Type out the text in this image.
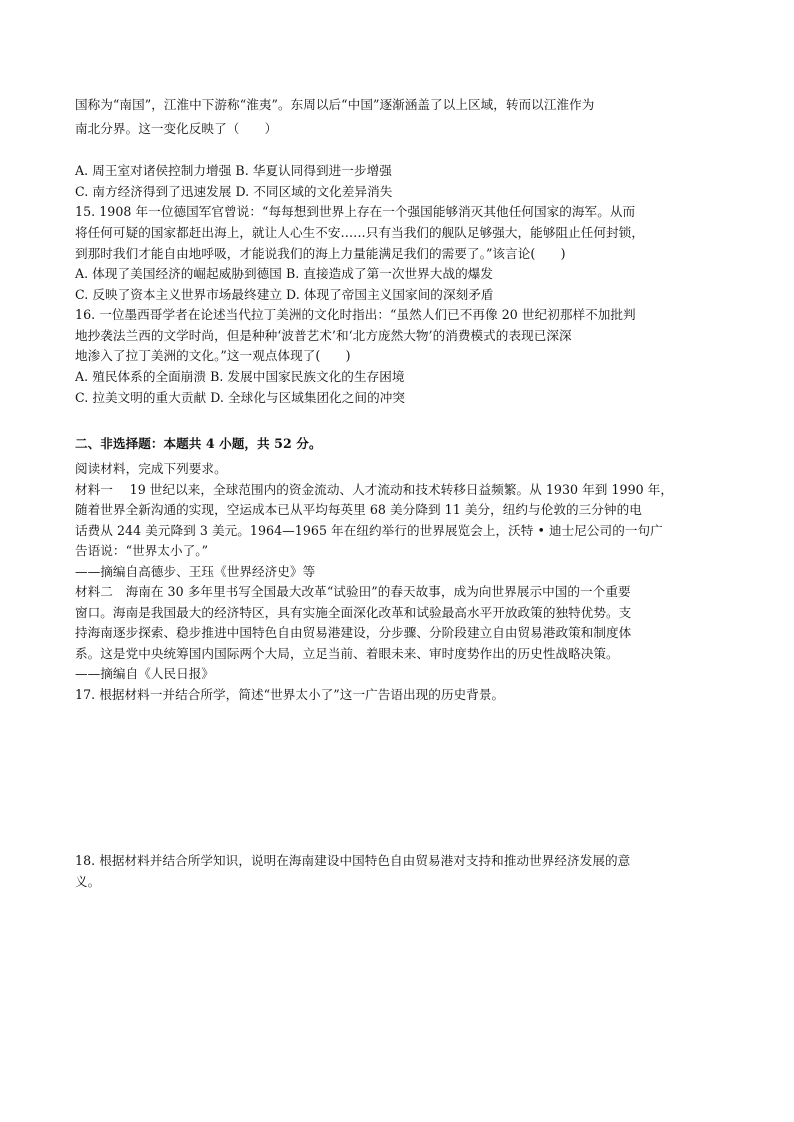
国称为“南国”，江淮中下游称“淮夷”。东周以后“中国”逐渐涵盖了以上区域，转而以江淮作为
南北分界。这一变化反映了（　　）
A. 周王室对诸侯控制力增强 B. 华夏认同得到进一步增强
C. 南方经济得到了迅速发展 D. 不同区域的文化差异消失
15. 1908 年一位德国军官曾说：“每每想到世界上存在一个强国能够消灭其他任何国家的海军。从而
将任何可疑的国家都赶出海上，就让人心生不安……只有当我们的舰队足够强大，能够阻止任何封锁，
到那时我们才能自由地呼吸，才能说我们的海上力量能满足我们的需要了。”该言论(　　)
A. 体现了美国经济的崛起威胁到德国 B. 直接造成了第一次世界大战的爆发
C. 反映了资本主义世界市场最终建立 D. 体现了帝国主义国家间的深刻矛盾
16. 一位墨西哥学者在论述当代拉丁美洲的文化时指出：“虽然人们已不再像 20 世纪初那样不加批判
地抄袭法兰西的文学时尚，但是种种‘波普艺术’和‘北方庞然大物’的消费模式的表现已深深
地渗入了拉丁美洲的文化。”这一观点体现了(　　)
A. 殖民体系的全面崩溃 B. 发展中国家民族文化的生存困境
C. 拉美文明的重大贡献 D. 全球化与区域集团化之间的冲突
二、非选择题：本题共 4 小题，共 52 分。
阅读材料，完成下列要求。
材料一　 19 世纪以来，全球范围内的资金流动、人才流动和技术转移日益频繁。从 1930 年到 1990 年，
随着世界全新沟通的实现，空运成本已从平均每英里 68 美分降到 11 美分，纽约与伦敦的三分钟的电
话费从 244 美元降到 3 美元。1964—1965 年在纽约举行的世界展览会上，沃特 • 迪士尼公司的一句广
告语说：“世界太小了。”
——摘编自高德步、王珏《世界经济史》等
材料二　海南在 30 多年里书写全国最大改革“试验田”的春天故事，成为向世界展示中国的一个重要
窗口。海南是我国最大的经济特区，具有实施全面深化改革和试验最高水平开放政策的独特优势。支
持海南逐步探索、稳步推进中国特色自由贸易港建设，分步骤、分阶段建立自由贸易港政策和制度体
系。这是党中央统筹国内国际两个大局，立足当前、着眼未来、审时度势作出的历史性战略决策。
——摘编自《人民日报》
17. 根据材料一并结合所学，简述“世界太小了”这一广告语出现的历史背景。
18. 根据材料并结合所学知识，说明在海南建设中国特色自由贸易港对支持和推动世界经济发展的意
义。
